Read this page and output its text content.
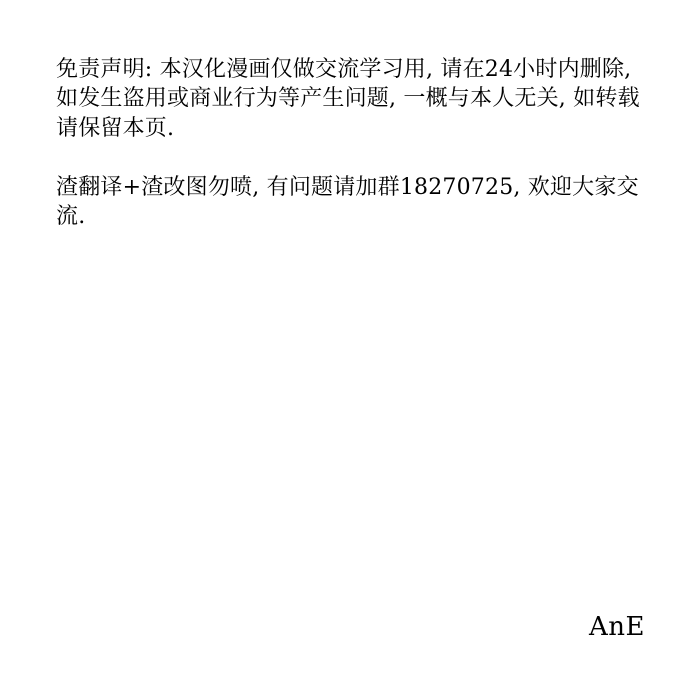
免责声明: 本汉化漫画仅做交流学习用, 请在24小时内删除, 如发生盗用或商业行为等产生问题, 一概与本人无关, 如转载请保留本页.

渣翻译+渣改图勿喷, 有问题请加群18270725, 欢迎大家交流.

AnE
